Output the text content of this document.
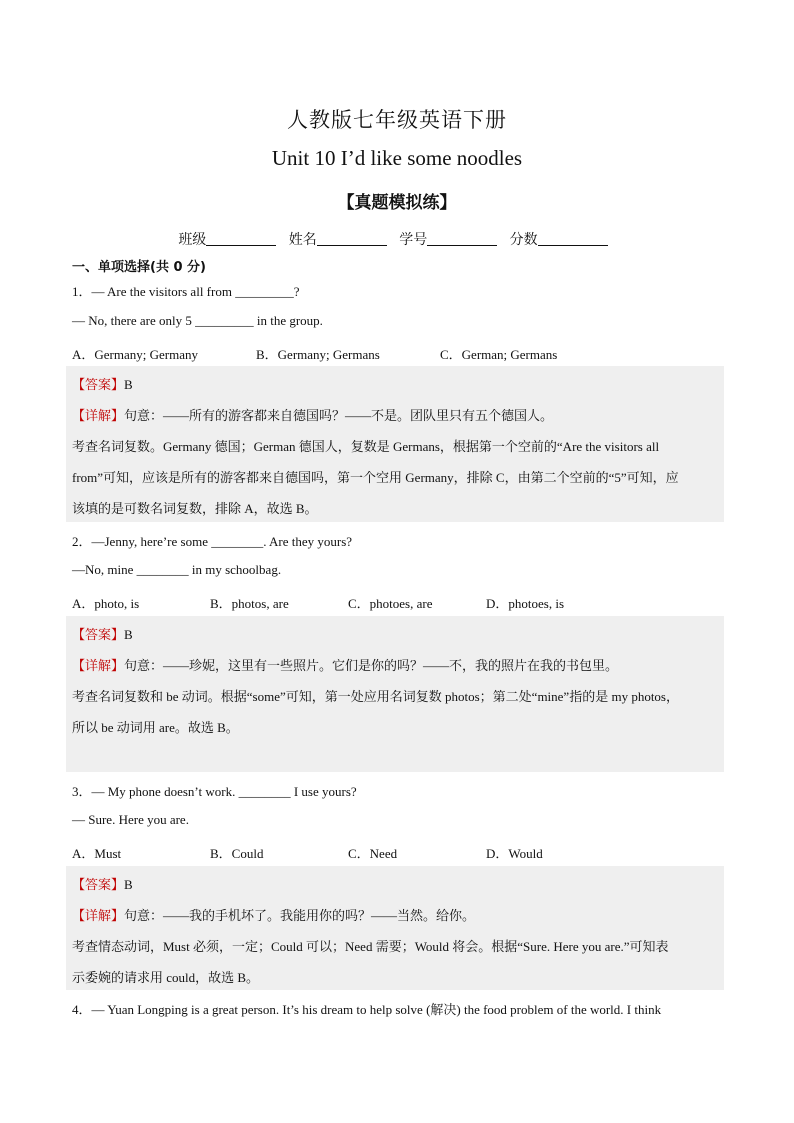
人教版七年级英语下册
Unit 10 I’d like some noodles
【真题模拟练】
班级	姓名	学号	分数
一、单项选择(共 0 分)
1．— Are the visitors all from _________?
— No, there are only 5 _________ in the group.
A．Germany; Germany	B．Germany; Germans	C．German; Germans
【答案】B
【详解】句意：——所有的游客都来自德国吗？——不是。团队里只有五个德国人。
考查名词复数。Germany 德国；German 德国人，复数是 Germans，根据第一个空前的“Are the visitors all
from”可知，应该是所有的游客都来自德国吗，第一个空用 Germany，排除 C，由第二个空前的“5”可知，应
该填的是可数名词复数，排除 A，故选 B。
2．—Jenny, here’re some ________. Are they yours?
—No, mine ________ in my schoolbag.
A．photo, is	B．photos, are	C．photoes, are	D．photoes, is
【答案】B
【详解】句意：——珍妮，这里有一些照片。它们是你的吗？——不，我的照片在我的书包里。
考查名词复数和 be 动词。根据“some”可知，第一处应用名词复数 photos；第二处“mine”指的是 my photos，
所以 be 动词用 are。故选 B。
3．— My phone doesn’t work. ________ I use yours?
— Sure. Here you are.
A．Must	B．Could	C．Need	D．Would
【答案】B
【详解】句意：——我的手机坏了。我能用你的吗？——当然。给你。
考查情态动词，Must 必须，一定；Could 可以；Need 需要；Would 将会。根据“Sure. Here you are.”可知表
示委婉的请求用 could，故选 B。
4．— Yuan Longping is a great person. It’s his dream to help solve (解决) the food problem of the world. I think
